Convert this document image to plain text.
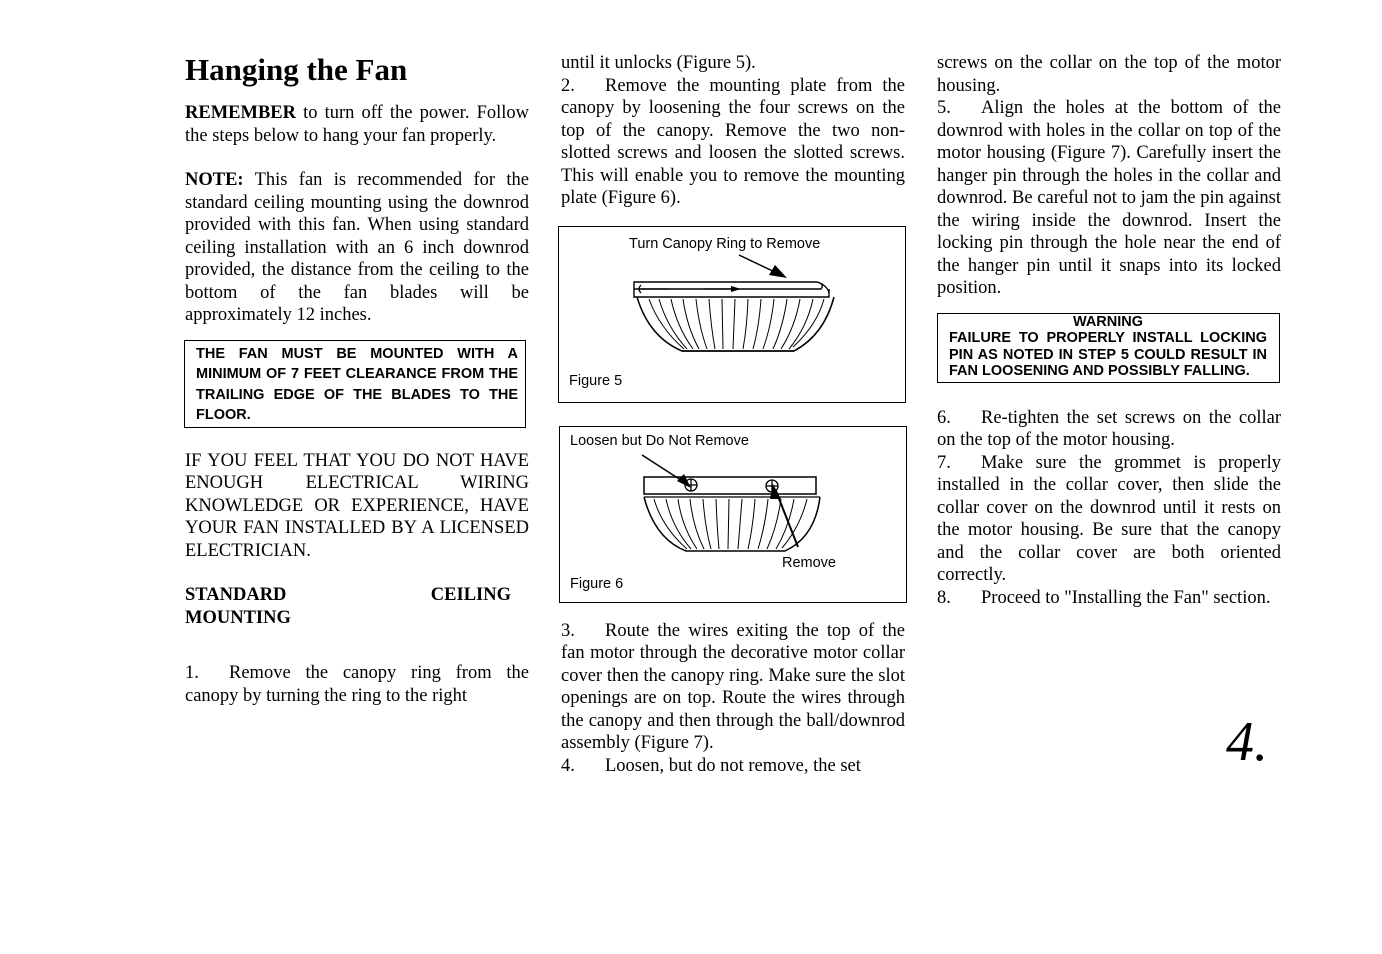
Hanging the Fan

REMEMBER to turn off the power. Follow the steps below to hang your fan properly.

NOTE: This fan is recommended for the standard ceiling mounting using the downrod provided with this fan. When using standard ceiling installation with an 6 inch downrod provided, the distance from the ceiling to the bottom of the fan blades will be approximately 12 inches.

THE FAN MUST BE MOUNTED WITH A MINIMUM OF 7 FEET CLEARANCE FROM THE TRAILING EDGE OF THE BLADES TO THE FLOOR.

IF YOU FEEL THAT YOU DO NOT HAVE ENOUGH ELECTRICAL WIRING KNOWLEDGE OR EXPERIENCE, HAVE YOUR FAN INSTALLED BY A LICENSED ELECTRICIAN.

STANDARD CEILING

MOUNTING

1. Remove the canopy ring from the canopy by turning the ring to the right

until it unlocks (Figure 5).

2. Remove the mounting plate from the canopy by loosening the four screws on the top of the canopy. Remove the two non-slotted screws and loosen the slotted screws. This will enable you to remove the mounting plate (Figure 6).

Turn Canopy Ring to Remove
Figure 5
Loosen but Do Not Remove
Remove
Figure 6

3. Route the wires exiting the top of the fan motor through the decorative motor collar cover then the canopy ring. Make sure the slot openings are on top. Route the wires through the canopy and then through the ball/downrod assembly (Figure 7).

4. Loosen, but do not remove, the set

screws on the collar on the top of the motor housing.

5. Align the holes at the bottom of the downrod with holes in the collar on top of the motor housing (Figure 7). Carefully insert the hanger pin through the holes in the collar and downrod. Be careful not to jam the pin against the wiring inside the downrod. Insert the locking pin through the hole near the end of the hanger pin until it snaps into its locked position.

WARNING
FAILURE TO PROPERLY INSTALL LOCKING PIN AS NOTED IN STEP 5 COULD RESULT IN FAN LOOSENING AND POSSIBLY FALLING.

6. Re-tighten the set screws on the collar on the top of the motor housing.

7. Make sure the grommet is properly installed in the collar cover, then slide the collar cover on the downrod until it rests on the motor housing. Be sure that the canopy and the collar cover are both oriented correctly.

8. Proceed to "Installing the Fan" section.

4.
